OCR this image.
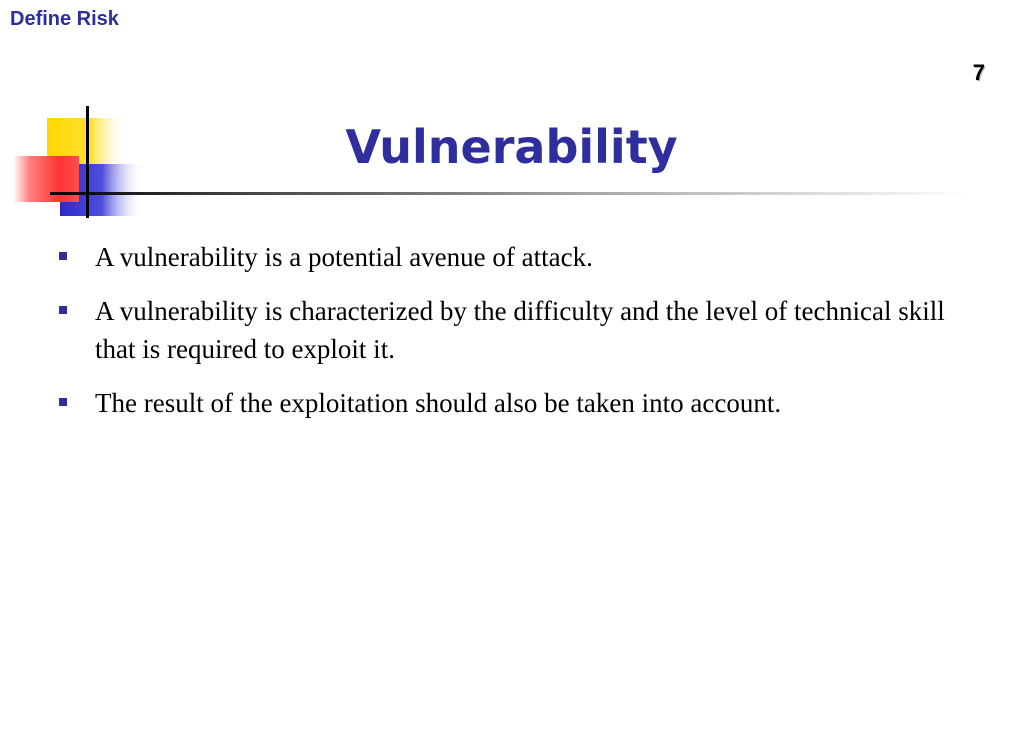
Define Risk
7
Vulnerability
A vulnerability is a potential avenue of attack.
A vulnerability is characterized by the difficulty and the level of technical skill that is required to exploit it.
The result of the exploitation should also be taken into account.
